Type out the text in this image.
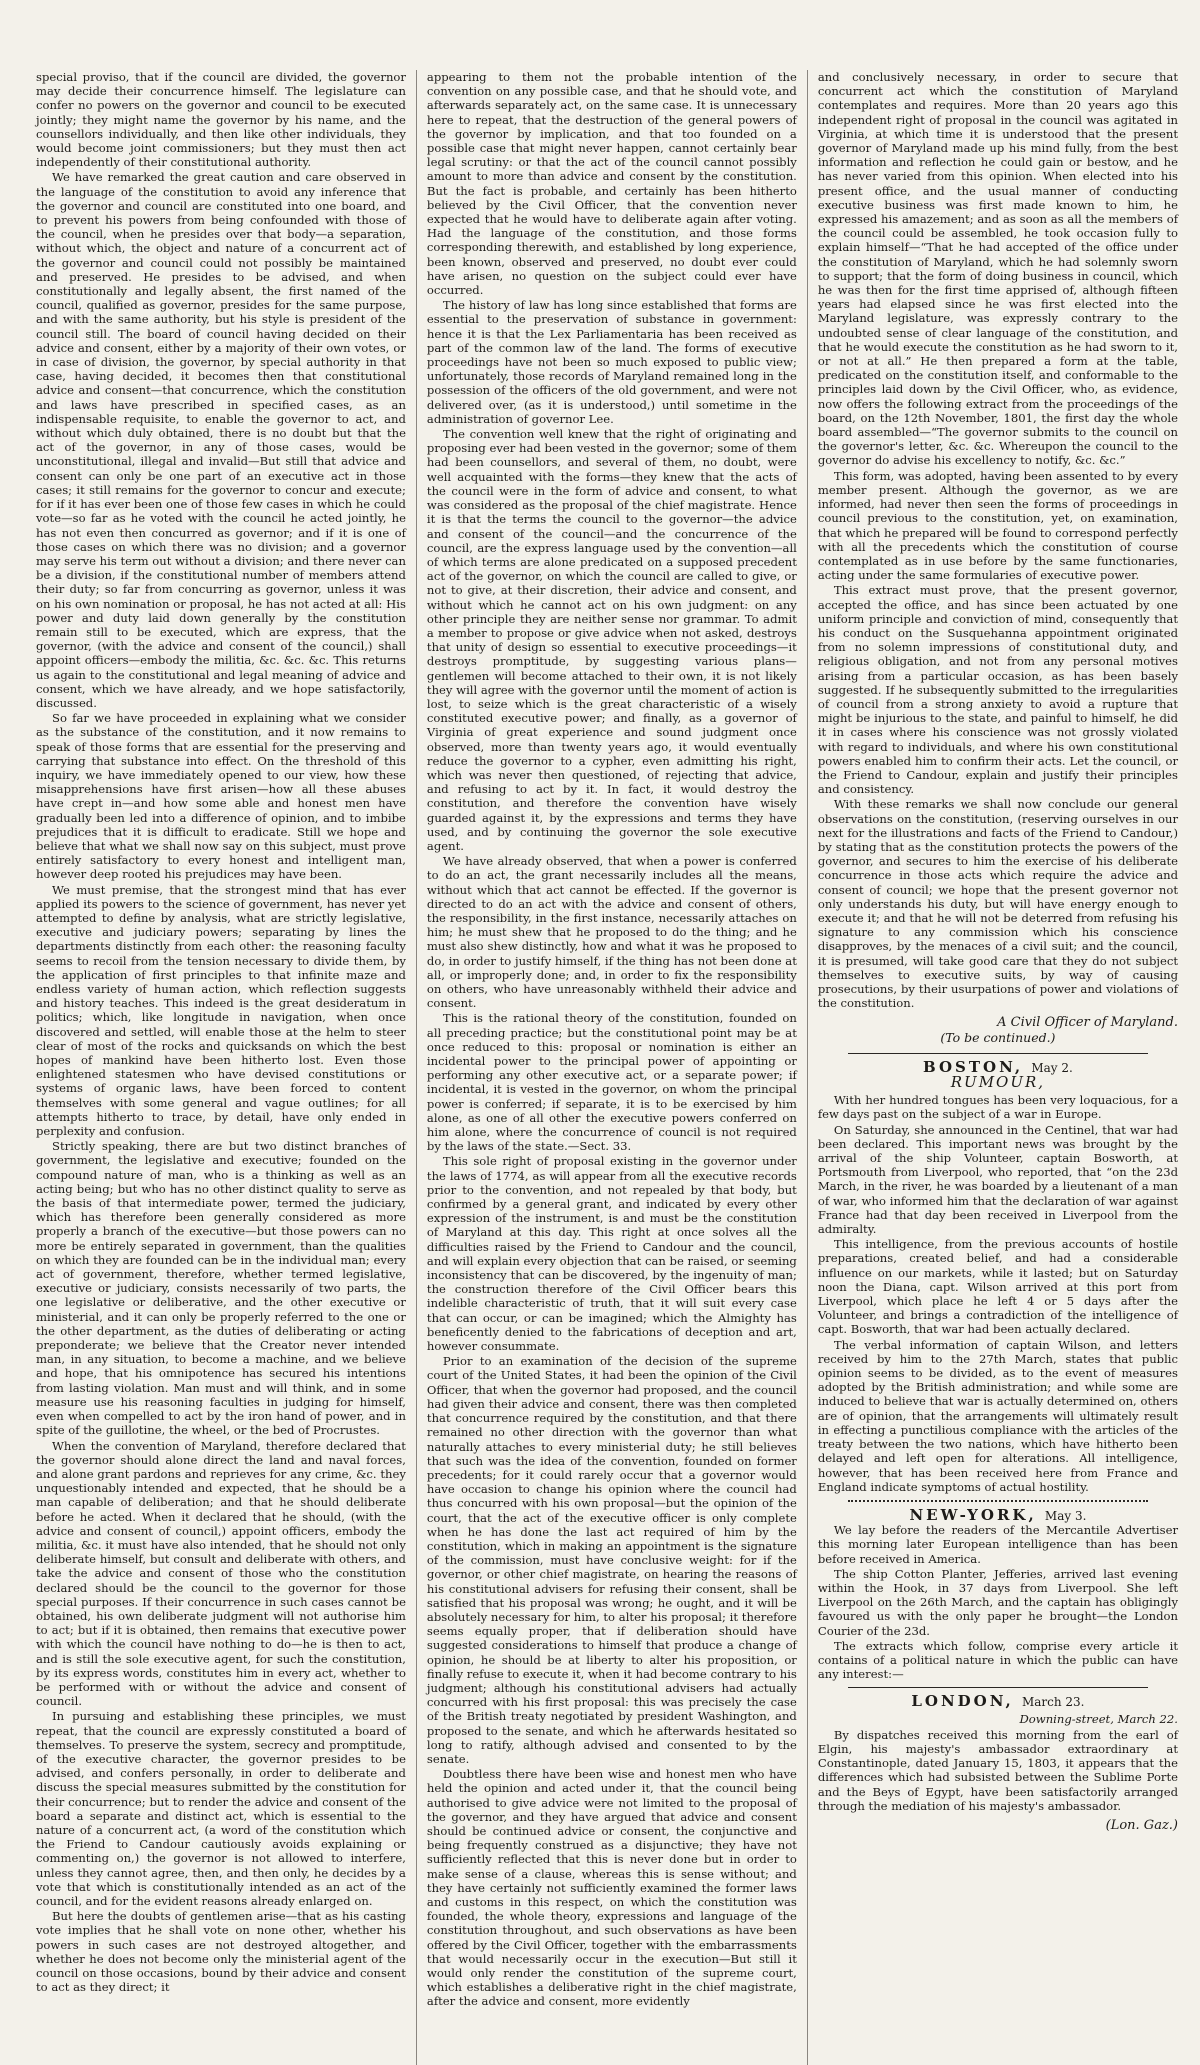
special proviso, that if the council are divided, the governor may decide their concurrence himself. The legislature can confer no powers on the governor and council to be executed jointly; they might name the governor by his name, and the counsellors individually, and then like other individuals, they would become joint commissioners; but they must then act independently of their constitutional authority.

We have remarked the great caution and care observed in the language of the constitution to avoid any inference that the governor and council are constituted into one board, and to prevent his powers from being confounded with those of the council, when he presides over that body—a separation, without which, the object and nature of a concurrent act of the governor and council could not possibly be maintained and preserved. He presides to be advised, and when constitutionally and legally absent, the first named of the council, qualified as governor, presides for the same purpose, and with the same authority, but his style is president of the council still. The board of council having decided on their advice and consent, either by a majority of their own votes, or in case of division, the governor, by special authority in that case, having decided, it becomes then that constitutional advice and consent—that concurrence, which the constitution and laws have prescribed in specified cases, as an indispensable requisite, to enable the governor to act, and without which duly obtained, there is no doubt but that the act of the governor, in any of those cases, would be unconstitutional, illegal and invalid—But still that advice and consent can only be one part of an executive act in those cases; it still remains for the governor to concur and execute; for if it has ever been one of those few cases in which he could vote—so far as he voted with the council he acted jointly, he has not even then concurred as governor; and if it is one of those cases on which there was no division; and a governor may serve his term out without a division; and there never can be a division, if the constitutional number of members attend their duty; so far from concurring as governor, unless it was on his own nomination or proposal, he has not acted at all: His power and duty laid down generally by the constitution remain still to be executed, which are express, that the governor, (with the advice and consent of the council,) shall appoint officers—embody the militia, &c. &c. &c. This returns us again to the constitutional and legal meaning of advice and consent, which we have already, and we hope satisfactorily, discussed.

So far we have proceeded in explaining what we consider as the substance of the constitution, and it now remains to speak of those forms that are essential for the preserving and carrying that substance into effect. On the threshold of this inquiry, we have immediately opened to our view, how these misapprehensions have first arisen—how all these abuses have crept in—and how some able and honest men have gradually been led into a difference of opinion, and to imbibe prejudices that it is difficult to eradicate. Still we hope and believe that what we shall now say on this subject, must prove entirely satisfactory to every honest and intelligent man, however deep rooted his prejudices may have been.

We must premise, that the strongest mind that has ever applied its powers to the science of government, has never yet attempted to define by analysis, what are strictly legislative, executive and judiciary powers; separating by lines the departments distinctly from each other: the reasoning faculty seems to recoil from the tension necessary to divide them, by the application of first principles to that infinite maze and endless variety of human action, which reflection suggests and history teaches. This indeed is the great desideratum in politics; which, like longitude in navigation, when once discovered and settled, will enable those at the helm to steer clear of most of the rocks and quicksands on which the best hopes of mankind have been hitherto lost. Even those enlightened statesmen who have devised constitutions or systems of organic laws, have been forced to content themselves with some general and vague outlines; for all attempts hitherto to trace, by detail, have only ended in perplexity and confusion.

Strictly speaking, there are but two distinct branches of government, the legislative and executive; founded on the compound nature of man, who is a thinking as well as an acting being; but who has no other distinct quality to serve as the basis of that intermediate power, termed the judiciary, which has therefore been generally considered as more properly a branch of the executive—but those powers can no more be entirely separated in government, than the qualities on which they are founded can be in the individual man; every act of government, therefore, whether termed legislative, executive or judiciary, consists necessarily of two parts, the one legislative or deliberative, and the other executive or ministerial, and it can only be properly referred to the one or the other department, as the duties of deliberating or acting preponderate; we believe that the Creator never intended man, in any situation, to become a machine, and we believe and hope, that his omnipotence has secured his intentions from lasting violation. Man must and will think, and in some measure use his reasoning faculties in judging for himself, even when compelled to act by the iron hand of power, and in spite of the guillotine, the wheel, or the bed of Procrustes.

When the convention of Maryland, therefore declared that the governor should alone direct the land and naval forces, and alone grant pardons and reprieves for any crime, &c. they unquestionably intended and expected, that he should be a man capable of deliberation; and that he should deliberate before he acted. When it declared that he should, (with the advice and consent of council,) appoint officers, embody the militia, &c. it must have also intended, that he should not only deliberate himself, but consult and deliberate with others, and take the advice and consent of those who the constitution declared should be the council to the governor for those special purposes. If their concurrence in such cases cannot be obtained, his own deliberate judgment will not authorise him to act; but if it is obtained, then remains that executive power with which the council have nothing to do—he is then to act, and is still the sole executive agent, for such the constitution, by its express words, constitutes him in every act, whether to be performed with or without the advice and consent of council.

In pursuing and establishing these principles, we must repeat, that the council are expressly constituted a board of themselves. To preserve the system, secrecy and promptitude, of the executive character, the governor presides to be advised, and confers personally, in order to deliberate and discuss the special measures submitted by the constitution for their concurrence; but to render the advice and consent of the board a separate and distinct act, which is essential to the nature of a concurrent act, (a word of the constitution which the Friend to Candour cautiously avoids explaining or commenting on,) the governor is not allowed to interfere, unless they cannot agree, then, and then only, he decides by a vote that which is constitutionally intended as an act of the council, and for the evident reasons already enlarged on.

But here the doubts of gentlemen arise—that as his casting vote implies that he shall vote on none other, whether his powers in such cases are not destroyed altogether, and whether he does not become only the ministerial agent of the council on those occasions, bound by their advice and consent to act as they direct; it

appearing to them not the probable intention of the convention on any possible case, and that he should vote, and afterwards separately act, on the same case. It is unnecessary here to repeat, that the destruction of the general powers of the governor by implication, and that too founded on a possible case that might never happen, cannot certainly bear legal scrutiny: or that the act of the council cannot possibly amount to more than advice and consent by the constitution. But the fact is probable, and certainly has been hitherto believed by the Civil Officer, that the convention never expected that he would have to deliberate again after voting. Had the language of the constitution, and those forms corresponding therewith, and established by long experience, been known, observed and preserved, no doubt ever could have arisen, no question on the subject could ever have occurred.

The history of law has long since established that forms are essential to the preservation of substance in government: hence it is that the Lex Parliamentaria has been received as part of the common law of the land. The forms of executive proceedings have not been so much exposed to public view; unfortunately, those records of Maryland remained long in the possession of the officers of the old government, and were not delivered over, (as it is understood,) until sometime in the administration of governor Lee.

The convention well knew that the right of originating and proposing ever had been vested in the governor; some of them had been counsellors, and several of them, no doubt, were well acquainted with the forms—they knew that the acts of the council were in the form of advice and consent, to what was considered as the proposal of the chief magistrate. Hence it is that the terms the council to the governor—the advice and consent of the council—and the concurrence of the council, are the express language used by the convention—all of which terms are alone predicated on a supposed precedent act of the governor, on which the council are called to give, or not to give, at their discretion, their advice and consent, and without which he cannot act on his own judgment: on any other principle they are neither sense nor grammar. To admit a member to propose or give advice when not asked, destroys that unity of design so essential to executive proceedings—it destroys promptitude, by suggesting various plans—gentlemen will become attached to their own, it is not likely they will agree with the governor until the moment of action is lost, to seize which is the great characteristic of a wisely constituted executive power; and finally, as a governor of Virginia of great experience and sound judgment once observed, more than twenty years ago, it would eventually reduce the governor to a cypher, even admitting his right, which was never then questioned, of rejecting that advice, and refusing to act by it. In fact, it would destroy the constitution, and therefore the convention have wisely guarded against it, by the expressions and terms they have used, and by continuing the governor the sole executive agent.

We have already observed, that when a power is conferred to do an act, the grant necessarily includes all the means, without which that act cannot be effected. If the governor is directed to do an act with the advice and consent of others, the responsibility, in the first instance, necessarily attaches on him; he must shew that he proposed to do the thing; and he must also shew distinctly, how and what it was he proposed to do, in order to justify himself, if the thing has not been done at all, or improperly done; and, in order to fix the responsibility on others, who have unreasonably withheld their advice and consent.

This is the rational theory of the constitution, founded on all preceding practice; but the constitutional point may be at once reduced to this: proposal or nomination is either an incidental power to the principal power of appointing or performing any other executive act, or a separate power; if incidental, it is vested in the governor, on whom the principal power is conferred; if separate, it is to be exercised by him alone, as one of all other the executive powers conferred on him alone, where the concurrence of council is not required by the laws of the state.—Sect. 33.

This sole right of proposal existing in the governor under the laws of 1774, as will appear from all the executive records prior to the convention, and not repealed by that body, but confirmed by a general grant, and indicated by every other expression of the instrument, is and must be the constitution of Maryland at this day. This right at once solves all the difficulties raised by the Friend to Candour and the council, and will explain every objection that can be raised, or seeming inconsistency that can be discovered, by the ingenuity of man; the construction therefore of the Civil Officer bears this indelible characteristic of truth, that it will suit every case that can occur, or can be imagined; which the Almighty has beneficently denied to the fabrications of deception and art, however consummate.

Prior to an examination of the decision of the supreme court of the United States, it had been the opinion of the Civil Officer, that when the governor had proposed, and the council had given their advice and consent, there was then completed that concurrence required by the constitution, and that there remained no other direction with the governor than what naturally attaches to every ministerial duty; he still believes that such was the idea of the convention, founded on former precedents; for it could rarely occur that a governor would have occasion to change his opinion where the council had thus concurred with his own proposal—but the opinion of the court, that the act of the executive officer is only complete when he has done the last act required of him by the constitution, which in making an appointment is the signature of the commission, must have conclusive weight: for if the governor, or other chief magistrate, on hearing the reasons of his constitutional advisers for refusing their consent, shall be satisfied that his proposal was wrong; he ought, and it will be absolutely necessary for him, to alter his proposal; it therefore seems equally proper, that if deliberation should have suggested considerations to himself that produce a change of opinion, he should be at liberty to alter his proposition, or finally refuse to execute it, when it had become contrary to his judgment; although his constitutional advisers had actually concurred with his first proposal: this was precisely the case of the British treaty negotiated by president Washington, and proposed to the senate, and which he afterwards hesitated so long to ratify, although advised and consented to by the senate.

Doubtless there have been wise and honest men who have held the opinion and acted under it, that the council being authorised to give advice were not limited to the proposal of the governor, and they have argued that advice and consent should be continued advice or consent, the conjunctive and being frequently construed as a disjunctive; they have not sufficiently reflected that this is never done but in order to make sense of a clause, whereas this is sense without; and they have certainly not sufficiently examined the former laws and customs in this respect, on which the constitution was founded, the whole theory, expressions and language of the constitution throughout, and such observations as have been offered by the Civil Officer, together with the embarrassments that would necessarily occur in the execution—But still it would only render the constitution of the supreme court, which establishes a deliberative right in the chief magistrate, after the advice and consent, more evidently

and conclusively necessary, in order to secure that concurrent act which the constitution of Maryland contemplates and requires. More than 20 years ago this independent right of proposal in the council was agitated in Virginia, at which time it is understood that the present governor of Maryland made up his mind fully, from the best information and reflection he could gain or bestow, and he has never varied from this opinion. When elected into his present office, and the usual manner of conducting executive business was first made known to him, he expressed his amazement; and as soon as all the members of the council could be assembled, he took occasion fully to explain himself—“That he had accepted of the office under the constitution of Maryland, which he had solemnly sworn to support; that the form of doing business in council, which he was then for the first time apprised of, although fifteen years had elapsed since he was first elected into the Maryland legislature, was expressly contrary to the undoubted sense of clear language of the constitution, and that he would execute the constitution as he had sworn to it, or not at all.” He then prepared a form at the table, predicated on the constitution itself, and conformable to the principles laid down by the Civil Officer, who, as evidence, now offers the following extract from the proceedings of the board, on the 12th November, 1801, the first day the whole board assembled—“The governor submits to the council on the governor's letter, &c. &c. Whereupon the council to the governor do advise his excellency to notify, &c. &c.”

This form, was adopted, having been assented to by every member present. Although the governor, as we are informed, had never then seen the forms of proceedings in council previous to the constitution, yet, on examination, that which he prepared will be found to correspond perfectly with all the precedents which the constitution of course contemplated as in use before by the same functionaries, acting under the same formularies of executive power.

This extract must prove, that the present governor, accepted the office, and has since been actuated by one uniform principle and conviction of mind, consequently that his conduct on the Susquehanna appointment originated from no solemn impressions of constitutional duty, and religious obligation, and not from any personal motives arising from a particular occasion, as has been basely suggested. If he subsequently submitted to the irregularities of council from a strong anxiety to avoid a rupture that might be injurious to the state, and painful to himself, he did it in cases where his conscience was not grossly violated with regard to individuals, and where his own constitutional powers enabled him to confirm their acts. Let the council, or the Friend to Candour, explain and justify their principles and consistency.

With these remarks we shall now conclude our general observations on the constitution, (reserving ourselves in our next for the illustrations and facts of the Friend to Candour,) by stating that as the constitution protects the powers of the governor, and secures to him the exercise of his deliberate concurrence in those acts which require the advice and consent of council; we hope that the present governor not only understands his duty, but will have energy enough to execute it; and that he will not be deterred from refusing his signature to any commission which his conscience disapproves, by the menaces of a civil suit; and the council, it is presumed, will take good care that they do not subject themselves to executive suits, by way of causing prosecutions, by their usurpations of power and violations of the constitution.

A Civil Officer of Maryland.
(To be continued.)
BOSTON, May 2.
RUMOUR,

With her hundred tongues has been very loquacious, for a few days past on the subject of a war in Europe.

On Saturday, she announced in the Centinel, that war had been declared. This important news was brought by the arrival of the ship Volunteer, captain Bosworth, at Portsmouth from Liverpool, who reported, that “on the 23d March, in the river, he was boarded by a lieutenant of a man of war, who informed him that the declaration of war against France had that day been received in Liverpool from the admiralty.

This intelligence, from the previous accounts of hostile preparations, created belief, and had a considerable influence on our markets, while it lasted; but on Saturday noon the Diana, capt. Wilson arrived at this port from Liverpool, which place he left 4 or 5 days after the Volunteer, and brings a contradiction of the intelligence of capt. Bosworth, that war had been actually declared.

The verbal information of captain Wilson, and letters received by him to the 27th March, states that public opinion seems to be divided, as to the event of measures adopted by the British administration; and while some are induced to believe that war is actually determined on, others are of opinion, that the arrangements will ultimately result in effecting a punctilious compliance with the articles of the treaty between the two nations, which have hitherto been delayed and left open for alterations. All intelligence, however, that has been received here from France and England indicate symptoms of actual hostility.

NEW-YORK, May 3.

We lay before the readers of the Mercantile Advertiser this morning later European intelligence than has been before received in America.

The ship Cotton Planter, Jefferies, arrived last evening within the Hook, in 37 days from Liverpool. She left Liverpool on the 26th March, and the captain has obligingly favoured us with the only paper he brought—the London Courier of the 23d.

The extracts which follow, comprise every article it contains of a political nature in which the public can have any interest:—

LONDON, March 23.
Downing-street, March 22.

By dispatches received this morning from the earl of Elgin, his majesty's ambassador extraordinary at Constantinople, dated January 15, 1803, it appears that the differences which had subsisted between the Sublime Porte and the Beys of Egypt, have been satisfactorily arranged through the mediation of his majesty's ambassador.

(Lon. Gaz.)
